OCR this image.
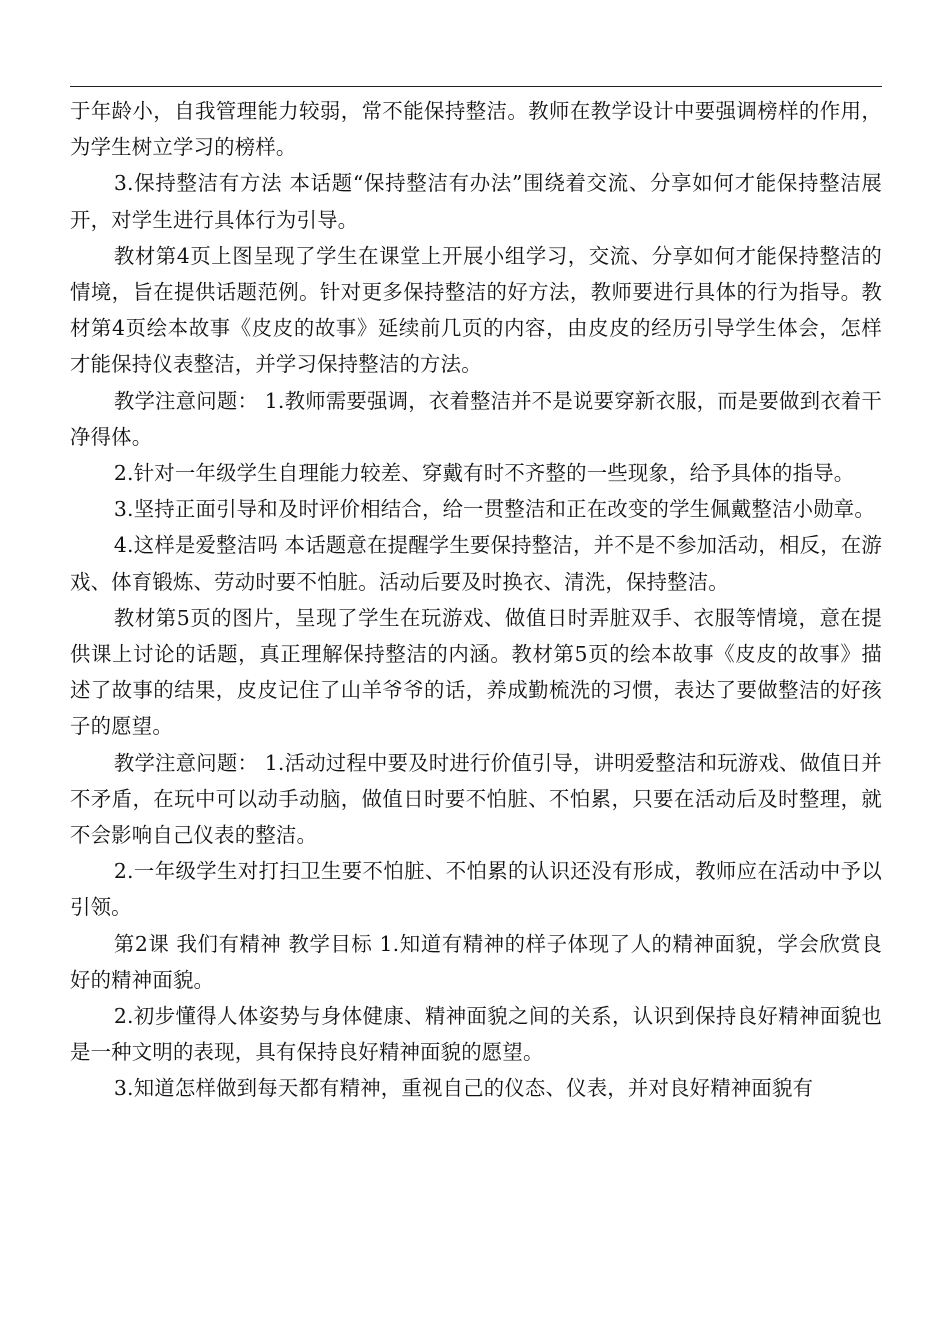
于年龄小，自我管理能力较弱，常不能保持整洁。教师在教学设计中要强调榜样的作用，为学生树立学习的榜样。

3.保持整洁有方法 本话题“保持整洁有办法”围绕着交流、分享如何才能保持整洁展开，对学生进行具体行为引导。

教材第4页上图呈现了学生在课堂上开展小组学习，交流、分享如何才能保持整洁的情境，旨在提供话题范例。针对更多保持整洁的好方法，教师要进行具体的行为指导。教材第4页绘本故事《皮皮的故事》延续前几页的内容，由皮皮的经历引导学生体会，怎样才能保持仪表整洁，并学习保持整洁的方法。

教学注意问题： 1.教师需要强调，衣着整洁并不是说要穿新衣服，而是要做到衣着干净得体。

2.针对一年级学生自理能力较差、穿戴有时不齐整的一些现象，给予具体的指导。

3.坚持正面引导和及时评价相结合，给一贯整洁和正在改变的学生佩戴整洁小勋章。

4.这样是爱整洁吗 本话题意在提醒学生要保持整洁，并不是不参加活动，相反，在游戏、体育锻炼、劳动时要不怕脏。活动后要及时换衣、清洗，保持整洁。

教材第5页的图片，呈现了学生在玩游戏、做值日时弄脏双手、衣服等情境，意在提供课上讨论的话题，真正理解保持整洁的内涵。教材第5页的绘本故事《皮皮的故事》描述了故事的结果，皮皮记住了山羊爷爷的话，养成勤梳洗的习惯，表达了要做整洁的好孩子的愿望。

教学注意问题： 1.活动过程中要及时进行价值引导，讲明爱整洁和玩游戏、做值日并不矛盾，在玩中可以动手动脑，做值日时要不怕脏、不怕累，只要在活动后及时整理，就不会影响自己仪表的整洁。

2.一年级学生对打扫卫生要不怕脏、不怕累的认识还没有形成，教师应在活动中予以引领。

第2课 我们有精神 教学目标 1.知道有精神的样子体现了人的精神面貌，学会欣赏良好的精神面貌。

2.初步懂得人体姿势与身体健康、精神面貌之间的关系，认识到保持良好精神面貌也是一种文明的表现，具有保持良好精神面貌的愿望。

3.知道怎样做到每天都有精神，重视自己的仪态、仪表，并对良好精神面貌有
